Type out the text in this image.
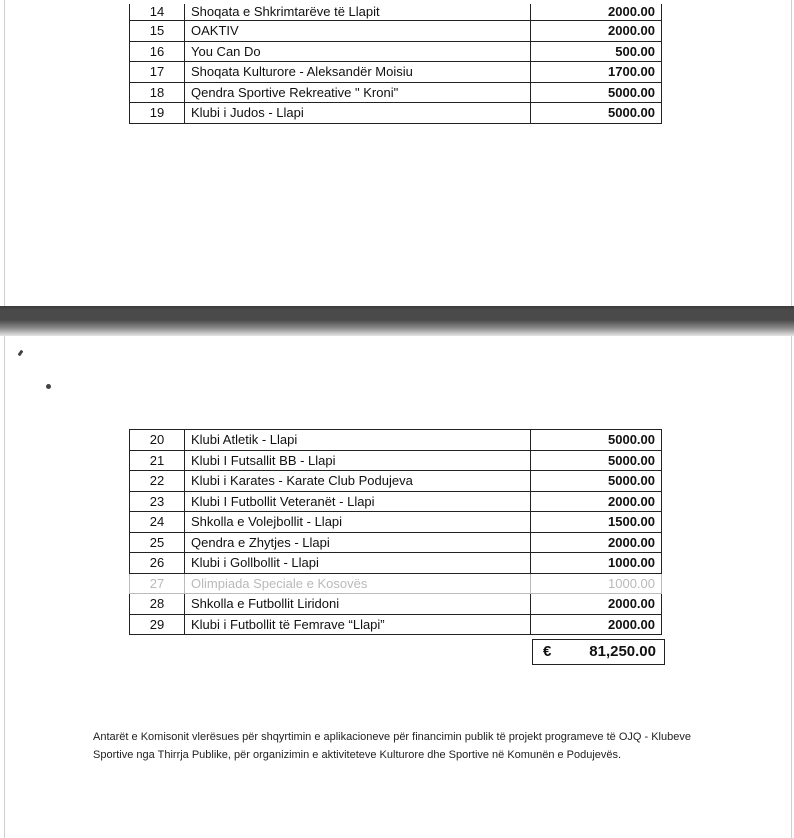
14	Shoqata e Shkrimtarëve të Llapit	2000.00
15	OAKTIV	2000.00
16	You Can Do	500.00
17	Shoqata Kulturore - Aleksandër Moisiu	1700.00
18	Qendra Sportive Rekreative " Kroni"	5000.00
19	Klubi i Judos - Llapi	5000.00
20	Klubi Atletik - Llapi	5000.00
21	Klubi I Futsallit BB - Llapi	5000.00
22	Klubi i Karates - Karate Club Podujeva	5000.00
23	Klubi I Futbollit Veteranët - Llapi	2000.00
24	Shkolla e Volejbollit - Llapi	1500.00
25	Qendra e Zhytjes - Llapi	2000.00
26	Klubi i Gollbollit - Llapi	1000.00
27	Olimpiada Speciale e Kosovës	1000.00
28	Shkolla e Futbollit Liridoni	2000.00
29	Klubi i Futbollit të Femrave “Llapi”	2000.00
€	81,250.00
Antarët e Komisonit vlerësues për shqyrtimin e aplikacioneve për financimin publik të projekt programeve të OJQ - Klubeve Sportive nga Thirrja Publike, për organizimin e aktiviteteve Kulturore dhe Sportive në Komunën e Podujevës.
